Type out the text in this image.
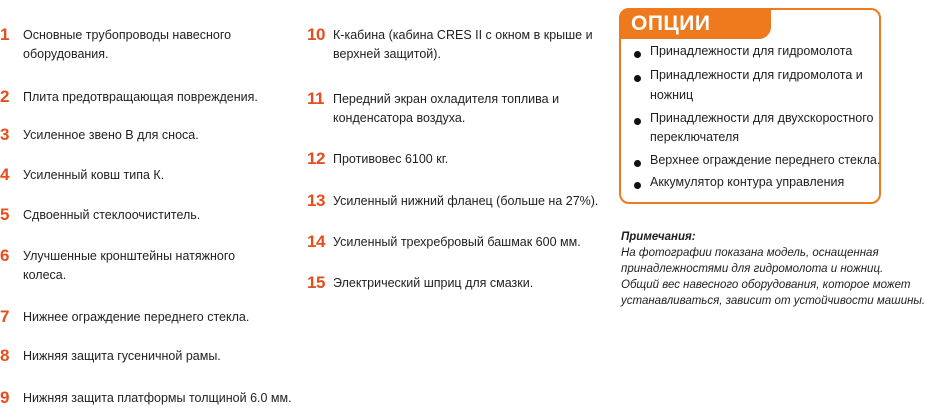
1 Основные трубопроводы навесного
оборудования.
2 Плита предотвращающая повреждения.
3 Усиленное звено В для сноса.
4 Усиленный ковш типа К.
5 Сдвоенный стеклоочиститель.
6 Улучшенные кронштейны натяжного
колеса.
7 Нижнее ограждение переднего стекла.
8 Нижняя защита гусеничной рамы.
9 Нижняя защита платформы толщиной 6.0 мм.
10 К-кабина (кабина CRES II с окном в крыше и
верхней защитой).
11 Передний экран охладителя топлива и
конденсатора воздуха.
12 Противовес 6100 кг.
13 Усиленный нижний фланец (больше на 27%).
14 Усиленный трехребровый башмак 600 мм.
15 Электрический шприц для смазки.
ОПЦИИ
Принадлежности для гидромолота
Принадлежности для гидромолота и
ножниц
Принадлежности для двухскоростного
переключателя
Верхнее ограждение переднего стекла.
Аккумулятор контура управления
Примечания:
На фотографии показана модель, оснащенная
принадлежностями для гидромолота и ножниц.
Общий вес навесного оборудования, которое может
устанавливаться, зависит от устойчивости машины.
